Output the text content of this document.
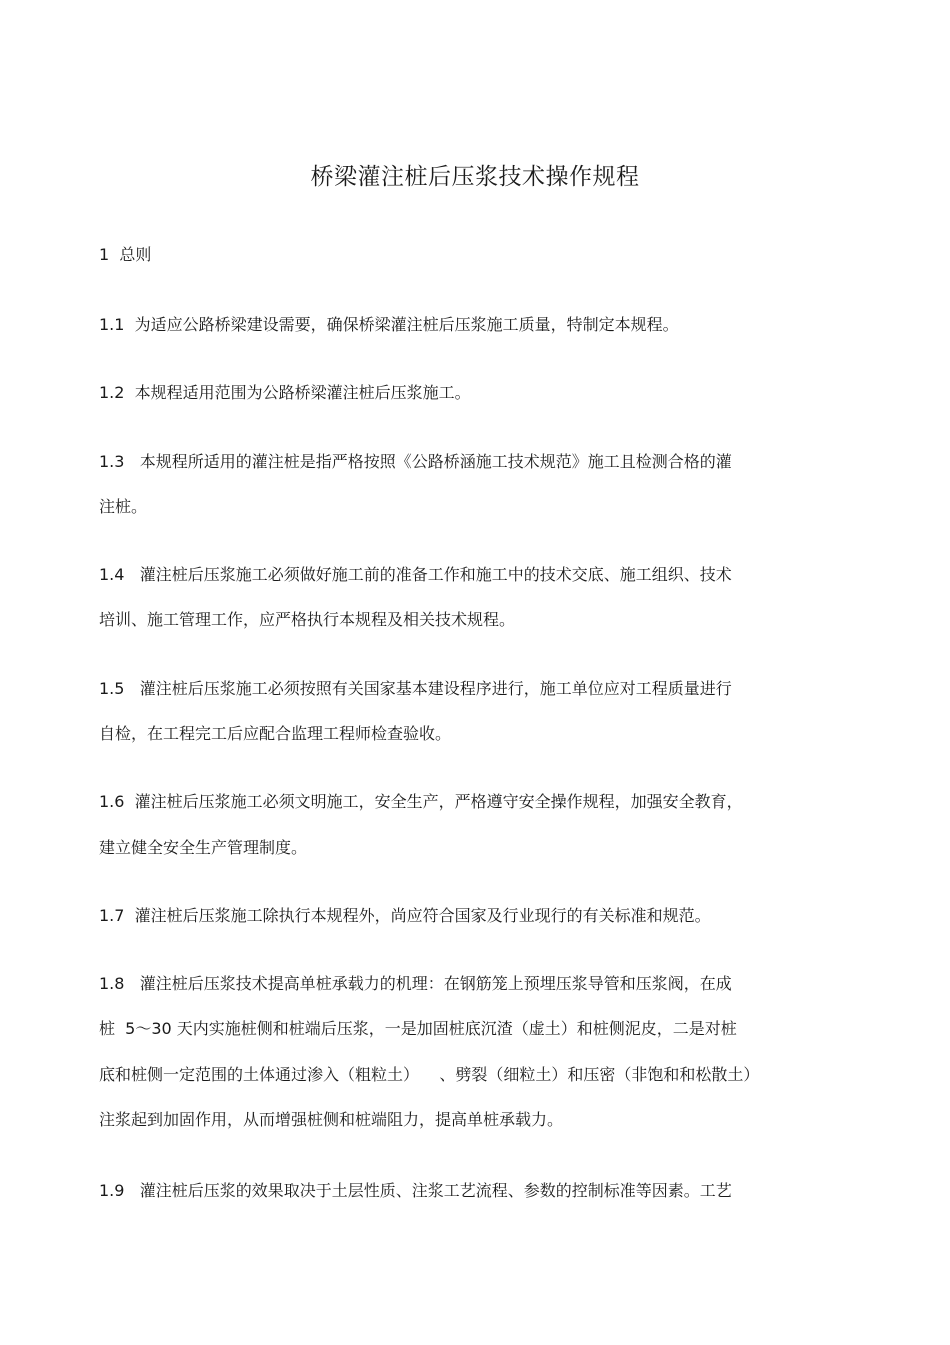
桥梁灌注桩后压浆技术操作规程
1  总则
1.1  为适应公路桥梁建设需要，确保桥梁灌注桩后压浆施工质量，特制定本规程。
1.2  本规程适用范围为公路桥梁灌注桩后压浆施工。
1.3   本规程所适用的灌注桩是指严格按照《公路桥涵施工技术规范》施工且检测合格的灌
注桩。
1.4   灌注桩后压浆施工必须做好施工前的准备工作和施工中的技术交底、施工组织、技术
培训、施工管理工作，应严格执行本规程及相关技术规程。
1.5   灌注桩后压浆施工必须按照有关国家基本建设程序进行，施工单位应对工程质量进行
自检，在工程完工后应配合监理工程师检查验收。
1.6  灌注桩后压浆施工必须文明施工，安全生产，严格遵守安全操作规程，加强安全教育，
建立健全安全生产管理制度。
1.7  灌注桩后压浆施工除执行本规程外，尚应符合国家及行业现行的有关标准和规范。
1.8   灌注桩后压浆技术提高单桩承载力的机理：在钢筋笼上预埋压浆导管和压浆阀，在成
桩  5～30 天内实施桩侧和桩端后压浆，一是加固桩底沉渣（虚土）和桩侧泥皮，二是对桩
底和桩侧一定范围的土体通过渗入（粗粒土）    、劈裂（细粒土）和压密（非饱和和松散土）
注浆起到加固作用，从而增强桩侧和桩端阻力，提高单桩承载力。
1.9   灌注桩后压浆的效果取决于土层性质、注浆工艺流程、参数的控制标准等因素。工艺
